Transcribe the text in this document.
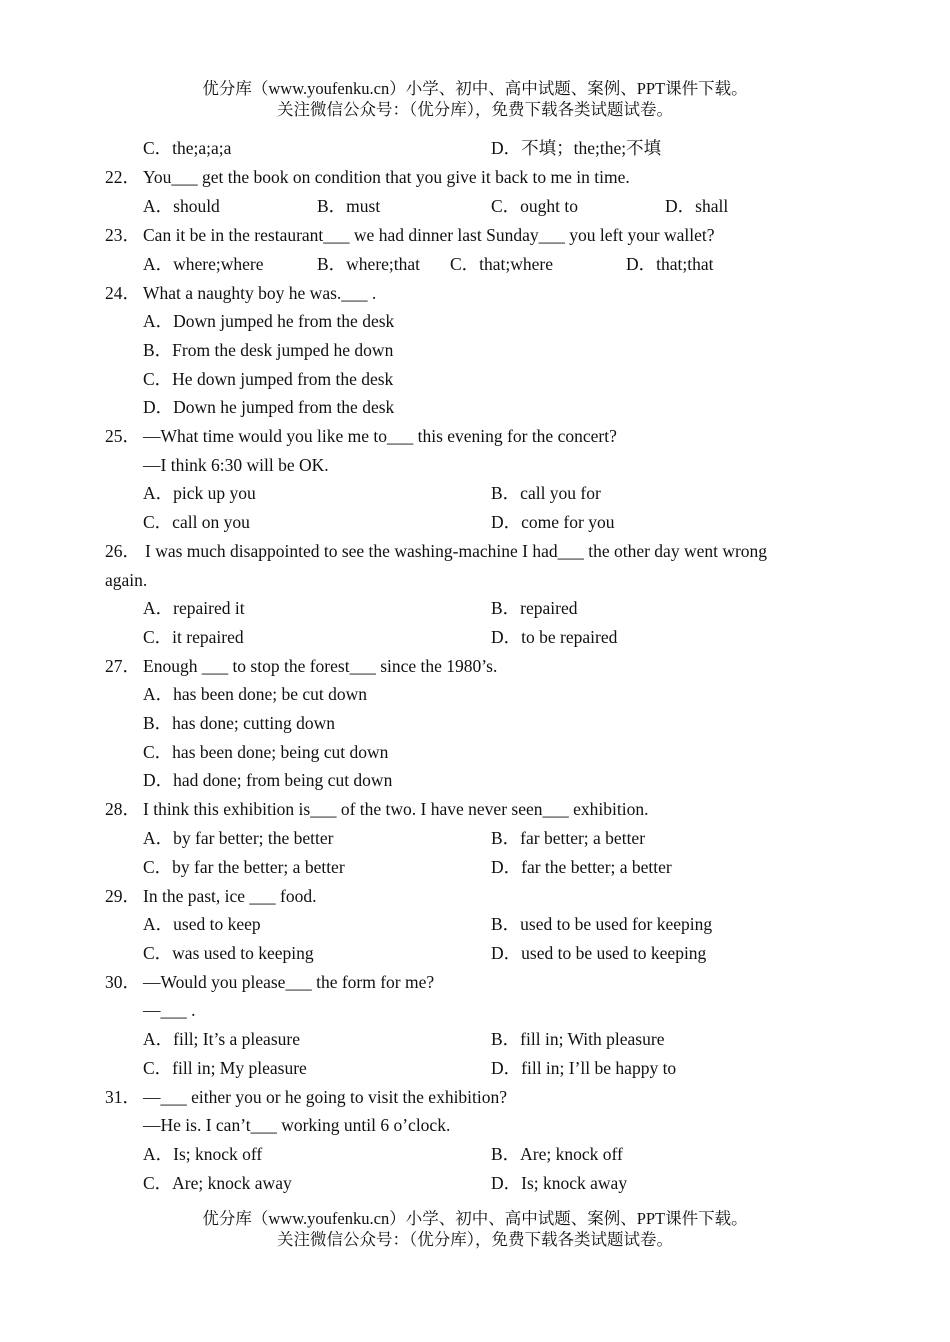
优分库（www.youfenku.cn）小学、初中、高中试题、案例、PPT课件下载。
关注微信公众号：（优分库），免费下载各类试题试卷。
C．the;a;a;a	D．不填；the;the;不填
22． You___ get the book on condition that you give it back to me in time.
A．should	B．must	C．ought to	D．shall
23． Can it be in the restaurant___ we had dinner last Sunday___ you left your wallet?
A．where;where	B．where;that C．that;where	D．that;that
24． What a naughty boy he was.___ .
A．Down jumped he from the desk
B．From the desk jumped he down
C．He down jumped from the desk
D．Down he jumped from the desk
25． —What time would you like me to___ this evening for the concert?
—I think 6:30 will be OK.
A．pick up you	B．call you for
C．call on you	D．come for you
26． I was much disappointed to see the washing-machine I had___ the other day went wrong
again.
A．repaired it	B．repaired
C．it repaired	D．to be repaired
27． Enough ___ to stop the forest___ since the 1980’s.
A．has been done; be cut down
B．has done; cutting down
C．has been done; being cut down
D．had done; from being cut down
28． I think this exhibition is___ of the two. I have never seen___ exhibition.
A．by far better; the better	B．far better; a better
C．by far the better; a better	D．far the better; a better
29． In the past, ice ___ food.
A．used to keep	B．used to be used for keeping
C．was used to keeping	D．used to be used to keeping
30． —Would you please___ the form for me?
—___ .
A．fill; It’s a pleasure	B．fill in; With pleasure
C．fill in; My pleasure	D．fill in; I’ll be happy to
31． —___ either you or he going to visit the exhibition?
—He is. I can’t___ working until 6 o’clock.
A．Is; knock off	B．Are; knock off
C．Are; knock away	D．Is; knock away
优分库（www.youfenku.cn）小学、初中、高中试题、案例、PPT课件下载。
关注微信公众号：（优分库），免费下载各类试题试卷。
